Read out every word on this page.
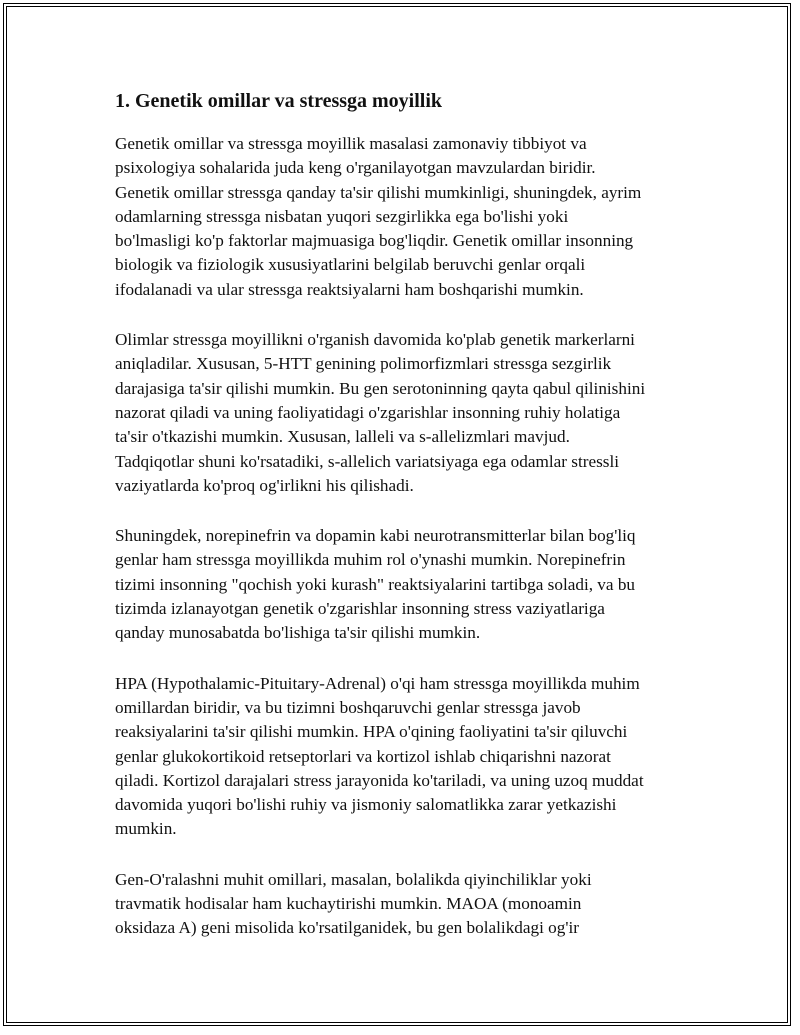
1. Genetik omillar va stressga moyillik
Genetik omillar va stressga moyillik masalasi zamonaviy tibbiyot va
psixologiya sohalarida juda keng o'rganilayotgan mavzulardan biridir.
Genetik omillar stressga qanday ta'sir qilishi mumkinligi, shuningdek, ayrim
odamlarning stressga nisbatan yuqori sezgirlikka ega bo'lishi yoki
bo'lmasligi ko'p faktorlar majmuasiga bog'liqdir. Genetik omillar insonning
biologik va fiziologik xususiyatlarini belgilab beruvchi genlar orqali
ifodalanadi va ular stressga reaktsiyalarni ham boshqarishi mumkin.
Olimlar stressga moyillikni o'rganish davomida ko'plab genetik markerlarni
aniqladilar. Xususan, 5-HTT genining polimorfizmlari stressga sezgirlik
darajasiga ta'sir qilishi mumkin. Bu gen serotoninning qayta qabul qilinishini
nazorat qiladi va uning faoliyatidagi o'zgarishlar insonning ruhiy holatiga
ta'sir o'tkazishi mumkin. Xususan, lalleli va s-allelizmlari mavjud.
Tadqiqotlar shuni ko'rsatadiki, s-allelich variatsiyaga ega odamlar stressli
vaziyatlarda ko'proq og'irlikni his qilishadi.
Shuningdek, norepinefrin va dopamin kabi neurotransmitterlar bilan bog'liq
genlar ham stressga moyillikda muhim rol o'ynashi mumkin. Norepinefrin
tizimi insonning "qochish yoki kurash" reaktsiyalarini tartibga soladi, va bu
tizimda izlanayotgan genetik o'zgarishlar insonning stress vaziyatlariga
qanday munosabatda bo'lishiga ta'sir qilishi mumkin.
HPA (Hypothalamic-Pituitary-Adrenal) o'qi ham stressga moyillikda muhim
omillardan biridir, va bu tizimni boshqaruvchi genlar stressga javob
reaksiyalarini ta'sir qilishi mumkin. HPA o'qining faoliyatini ta'sir qiluvchi
genlar glukokortikoid retseptorlari va kortizol ishlab chiqarishni nazorat
qiladi. Kortizol darajalari stress jarayonida ko'tariladi, va uning uzoq muddat
davomida yuqori bo'lishi ruhiy va jismoniy salomatlikka zarar yetkazishi
mumkin.
Gen-O'ralashni muhit omillari, masalan, bolalikda qiyinchiliklar yoki
travmatik hodisalar ham kuchaytirishi mumkin. MAOA (monoamin
oksidaza A) geni misolida ko'rsatilganidek, bu gen bolalikdagi og'ir
